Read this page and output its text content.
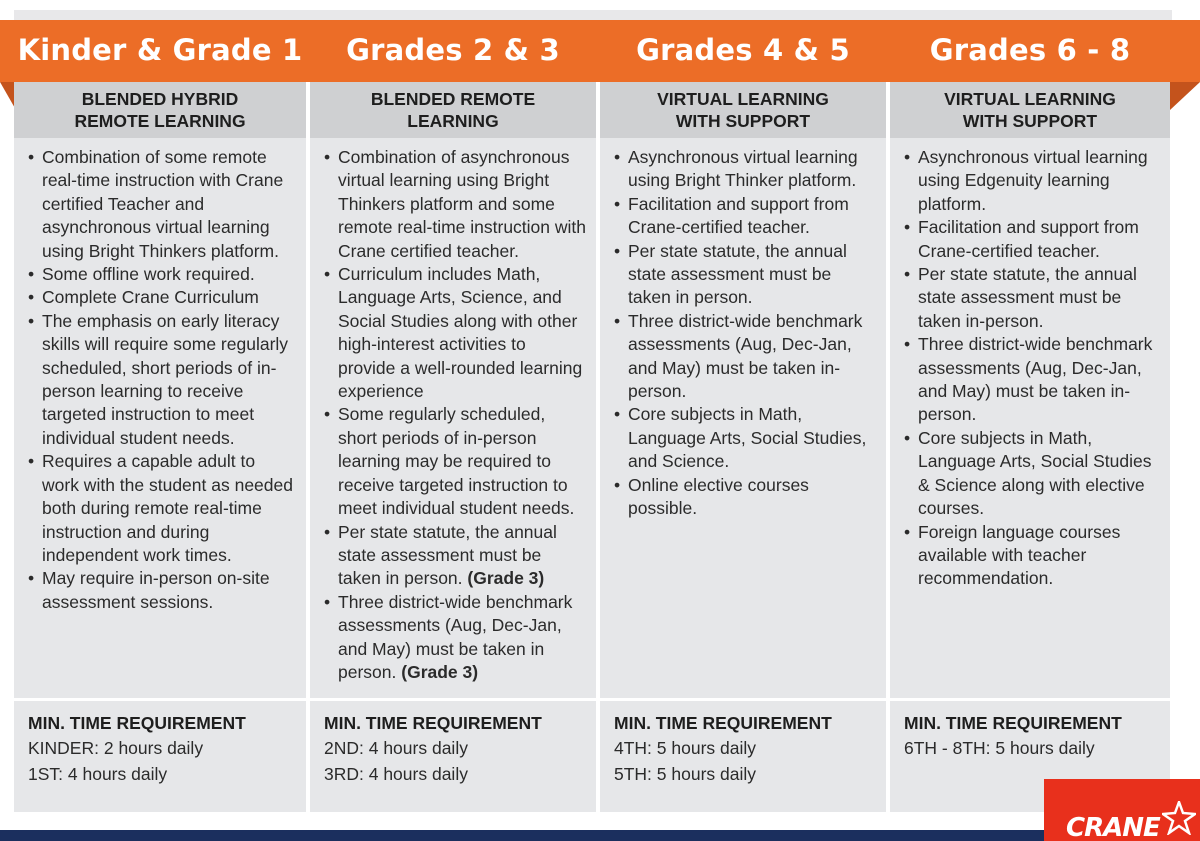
Kinder & Grade 1
BLENDED HYBRID
REMOTE LEARNING
• Combination of some remote real-time instruction with Crane certified Teacher and asynchronous virtual learning using Bright Thinkers platform.
• Some offline work required.
• Complete Crane Curriculum
• The emphasis on early literacy skills will require some regularly scheduled, short periods of in-person learning to receive targeted instruction to meet individual student needs.
• Requires a capable adult to work with the student as needed both during remote real-time instruction and during independent work times.
• May require in-person on-site assessment sessions.
MIN. TIME REQUIREMENT
KINDER: 2 hours daily
1ST: 4 hours daily
Grades 2 & 3
BLENDED REMOTE
LEARNING
• Combination of asynchronous virtual learning using Bright Thinkers platform and some remote real-time instruction with Crane certified teacher.
• Curriculum includes Math, Language Arts, Science, and Social Studies along with other high-interest activities to provide a well-rounded learning experience
• Some regularly scheduled, short periods of in-person learning may be required to receive targeted instruction to meet individual student needs.
• Per state statute, the annual state assessment must be taken in person. (Grade 3)
• Three district-wide benchmark assessments (Aug, Dec-Jan, and May) must be taken in person. (Grade 3)
MIN. TIME REQUIREMENT
2ND: 4 hours daily
3RD: 4 hours daily
Grades 4 & 5
VIRTUAL LEARNING
WITH SUPPORT
• Asynchronous virtual learning using Bright Thinker platform.
• Facilitation and support from Crane-certified teacher.
• Per state statute, the annual state assessment must be taken in person.
• Three district-wide benchmark assessments (Aug, Dec-Jan, and May) must be taken in-person.
• Core subjects in Math, Language Arts, Social Studies, and Science.
• Online elective courses possible.
MIN. TIME REQUIREMENT
4TH: 5 hours daily
5TH: 5 hours daily
Grades 6 - 8
VIRTUAL LEARNING
WITH SUPPORT
• Asynchronous virtual learning using Edgenuity learning platform.
• Facilitation and support from Crane-certified teacher.
• Per state statute, the annual state assessment must be taken in-person.
• Three district-wide benchmark assessments (Aug, Dec-Jan, and May) must be taken in-person.
• Core subjects in Math, Language Arts, Social Studies & Science along with elective courses.
• Foreign language courses available with teacher recommendation.
MIN. TIME REQUIREMENT
6TH - 8TH: 5 hours daily
CRANE
